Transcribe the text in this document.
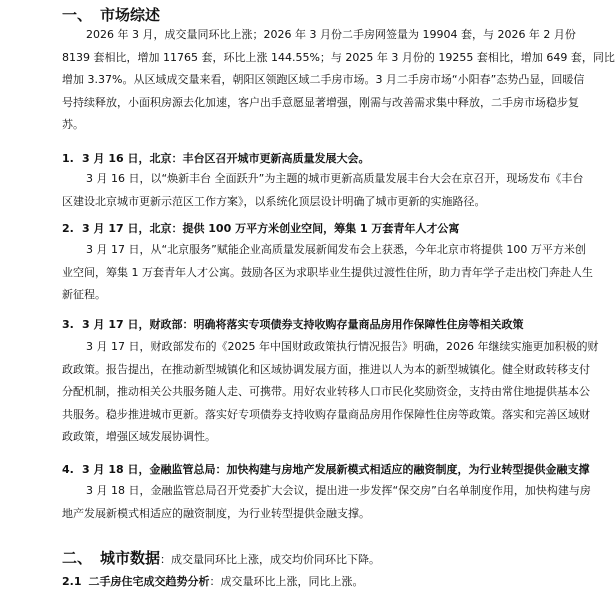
一、 市场综述
2026 年 3 月，成交量同环比上涨；2026 年 3 月份二手房网签量为 19904 套，与 2026 年 2 月份
8139 套相比，增加 11765 套，环比上涨 144.55%；与 2025 年 3 月份的 19255 套相比，增加 649 套，同比
增加 3.37%。从区域成交量来看，朝阳区领跑区域二手房市场。3 月二手房市场“小阳春”态势凸显，回暖信
号持续释放，小面积房源去化加速，客户出手意愿显著增强，刚需与改善需求集中释放，二手房市场稳步复
苏。
1. 3 月 16 日，北京：丰台区召开城市更新高质量发展大会。
3 月 16 日，以“焕新丰台 全面跃升”为主题的城市更新高质量发展丰台大会在京召开，现场发布《丰台
区建设北京城市更新示范区工作方案》，以系统化顶层设计明确了城市更新的实施路径。
2. 3 月 17 日，北京：提供 100 万平方米创业空间，筹集 1 万套青年人才公寓
3 月 17 日，从“北京服务”赋能企业高质量发展新闻发布会上获悉，今年北京市将提供 100 万平方米创
业空间，筹集 1 万套青年人才公寓。鼓励各区为求职毕业生提供过渡性住所，助力青年学子走出校门奔赴人生
新征程。
3. 3 月 17 日，财政部：明确将落实专项债券支持收购存量商品房用作保障性住房等相关政策
3 月 17 日，财政部发布的《2025 年中国财政政策执行情况报告》明确，2026 年继续实施更加积极的财
政政策。报告提出，在推动新型城镇化和区域协调发展方面，推进以人为本的新型城镇化。健全财政转移支付
分配机制，推动相关公共服务随人走、可携带。用好农业转移人口市民化奖励资金，支持由常住地提供基本公
共服务。稳步推进城市更新。落实好专项债券支持收购存量商品房用作保障性住房等政策。落实和完善区域财
政政策，增强区域发展协调性。
4. 3 月 18 日，金融监管总局：加快构建与房地产发展新模式相适应的融资制度，为行业转型提供金融支撑
3 月 18 日，金融监管总局召开党委扩大会议，提出进一步发挥“保交房”白名单制度作用，加快构建与房
地产发展新模式相适应的融资制度，为行业转型提供金融支撑。
二、 城市数据：成交量同环比上涨，成交均价同环比下降。
2.1 二手房住宅成交趋势分析：成交量环比上涨，同比上涨。
